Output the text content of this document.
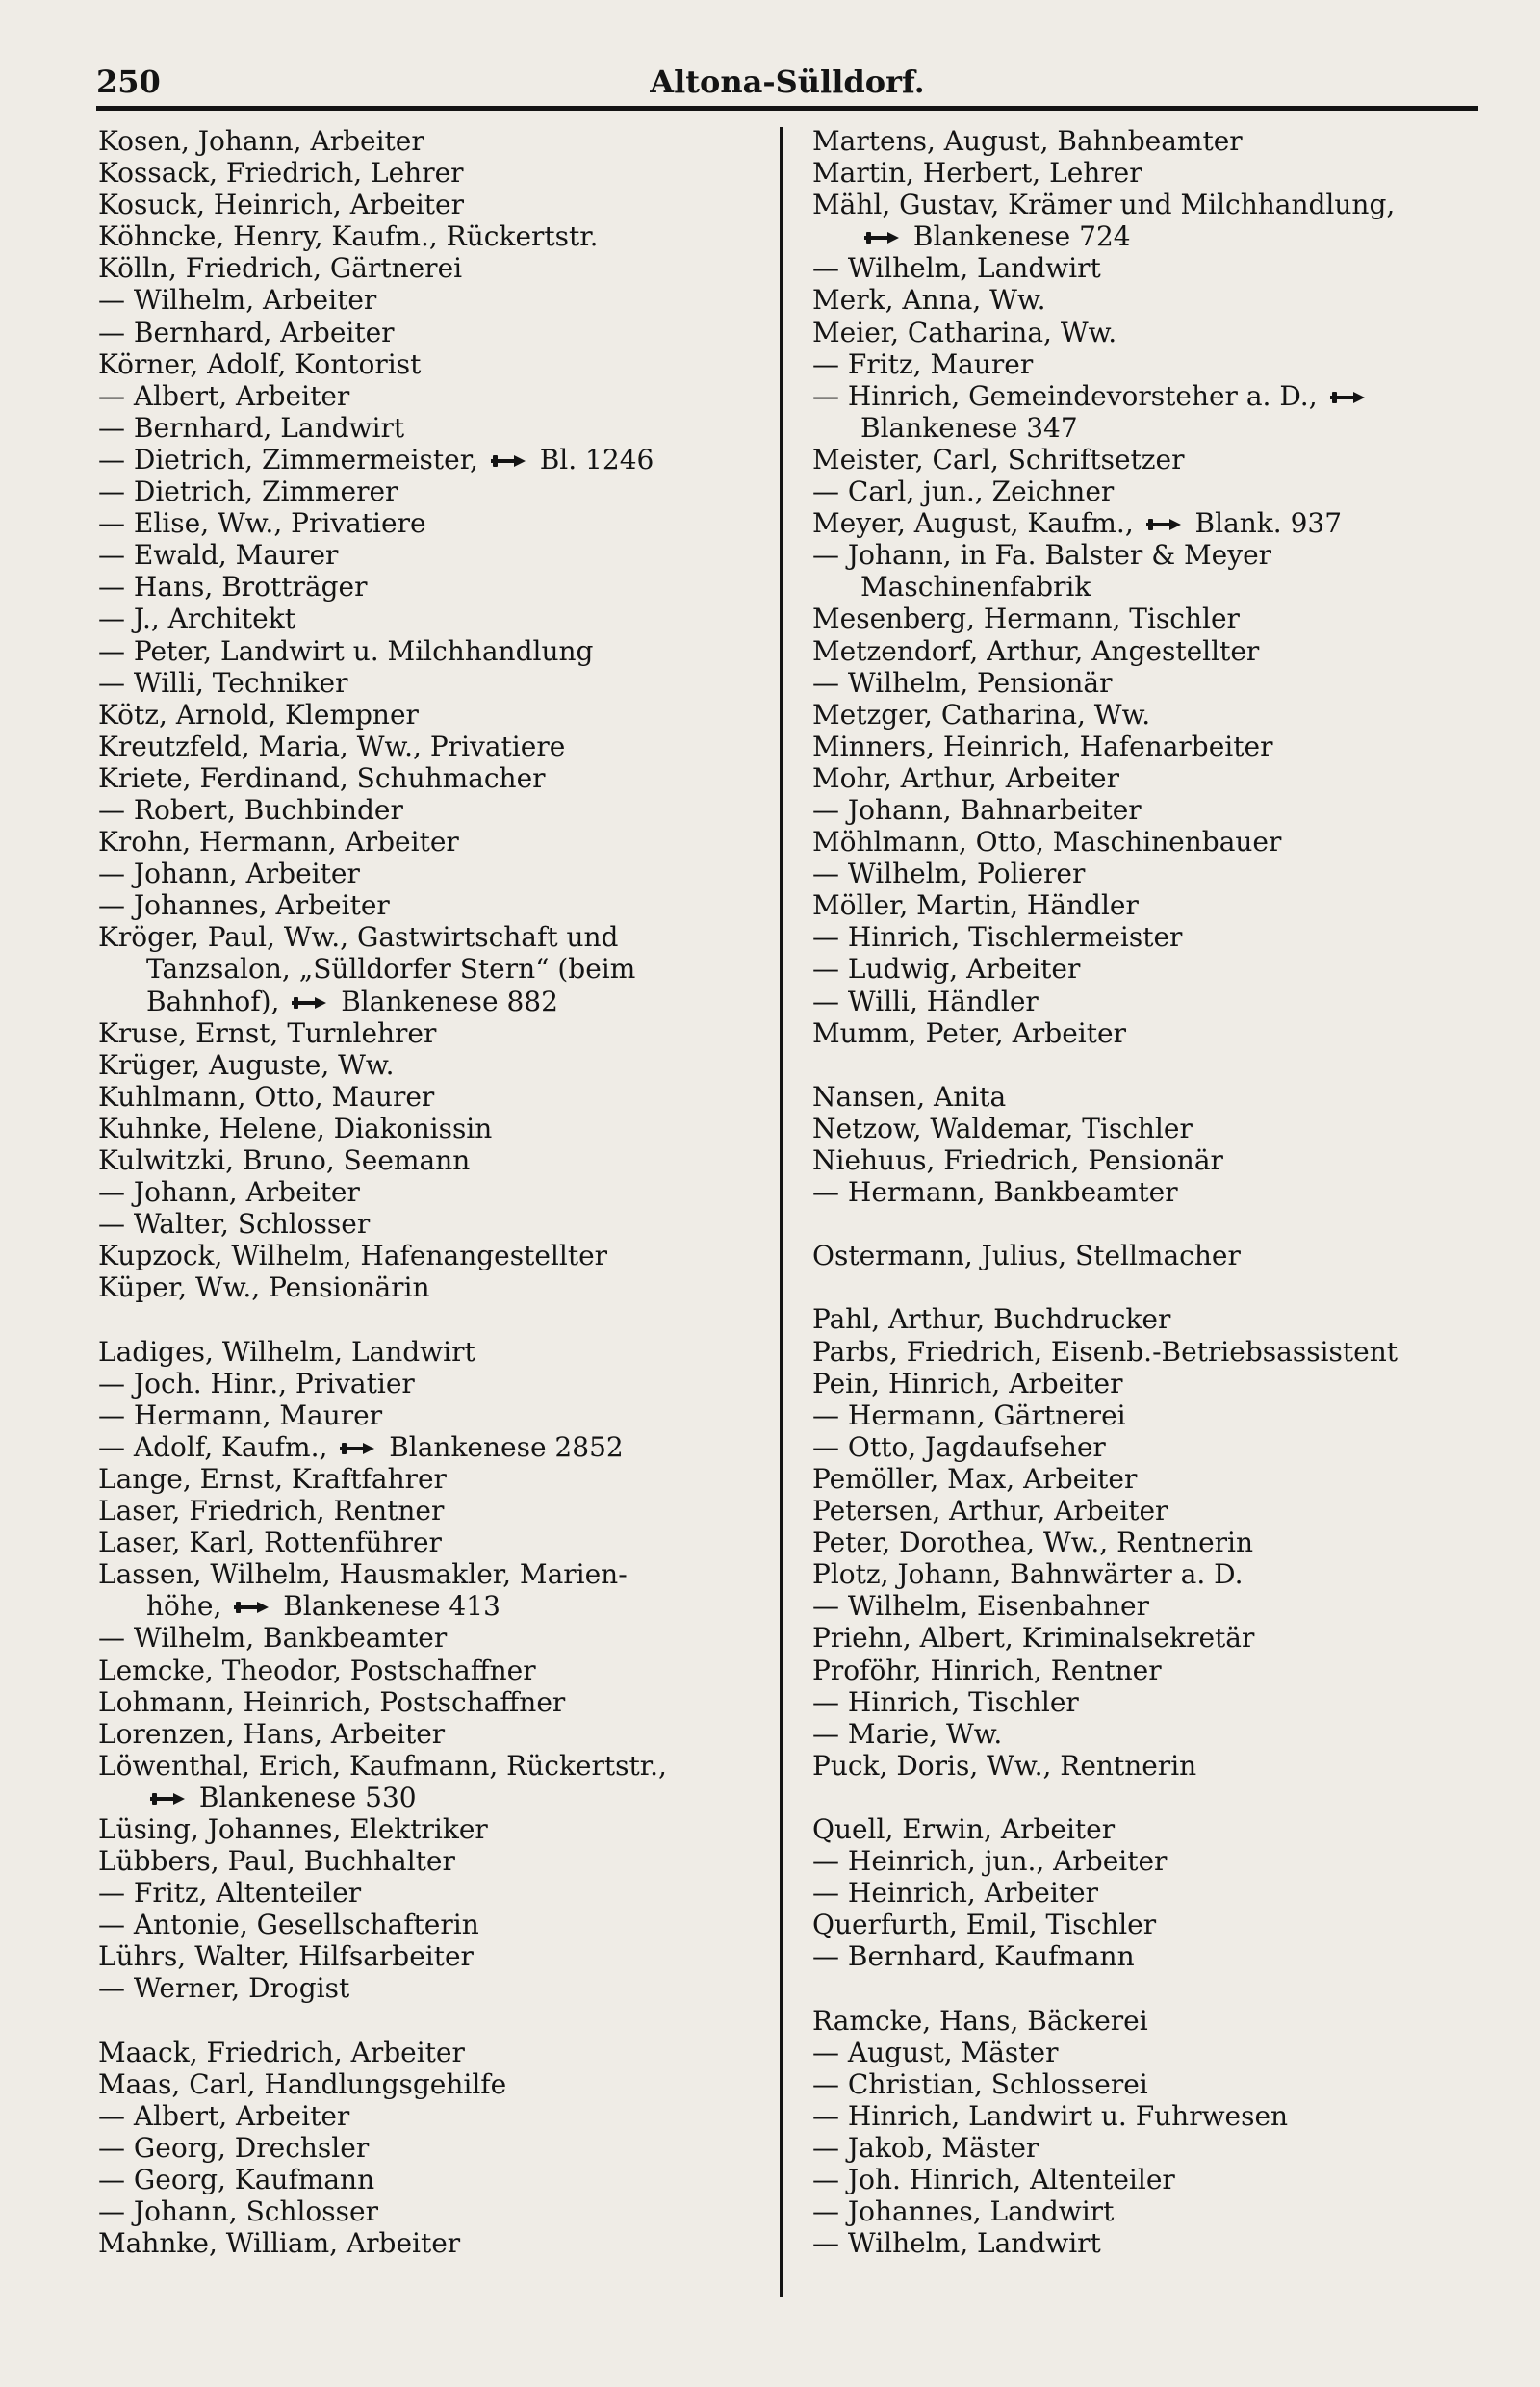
250	Altona-Sülldorf.
Kosen, Johann, Arbeiter
Kossack, Friedrich, Lehrer
Kosuck, Heinrich, Arbeiter
Köhncke, Henry, Kaufm., Rückertstr.
Kölln, Friedrich, Gärtnerei
— Wilhelm, Arbeiter
— Bernhard, Arbeiter
Körner, Adolf, Kontorist
— Albert, Arbeiter
— Bernhard, Landwirt
— Dietrich, Zimmermeister,
Bl. 1246
— Dietrich, Zimmerer
— Elise, Ww., Privatiere
— Ewald, Maurer
— Hans, Brotträger
— J., Architekt
— Peter, Landwirt u. Milchhandlung
— Willi, Techniker
Kötz, Arnold, Klempner
Kreutzfeld, Maria, Ww., Privatiere
Kriete, Ferdinand, Schuhmacher
— Robert, Buchbinder
Krohn, Hermann, Arbeiter
— Johann, Arbeiter
— Johannes, Arbeiter
Kröger, Paul, Ww., Gastwirtschaft und
Tanzsalon, „Sülldorfer Stern“ (beim
Bahnhof),
Blankenese 882
Kruse, Ernst, Turnlehrer
Krüger, Auguste, Ww.
Kuhlmann, Otto, Maurer
Kuhnke, Helene, Diakonissin
Kulwitzki, Bruno, Seemann
— Johann, Arbeiter
— Walter, Schlosser
Kupzock, Wilhelm, Hafenangestellter
Küper, Ww., Pensionärin
Ladiges, Wilhelm, Landwirt
— Joch. Hinr., Privatier
— Hermann, Maurer
— Adolf, Kaufm.,
Blankenese 2852
Lange, Ernst, Kraftfahrer
Laser, Friedrich, Rentner
Laser, Karl, Rottenführer
Lassen, Wilhelm, Hausmakler, Marien-
höhe,
Blankenese 413
— Wilhelm, Bankbeamter
Lemcke, Theodor, Postschaffner
Lohmann, Heinrich, Postschaffner
Lorenzen, Hans, Arbeiter
Löwenthal, Erich, Kaufmann, Rückertstr.,
Blankenese 530
Lüsing, Johannes, Elektriker
Lübbers, Paul, Buchhalter
— Fritz, Altenteiler
— Antonie, Gesellschafterin
Lührs, Walter, Hilfsarbeiter
— Werner, Drogist
Maack, Friedrich, Arbeiter
Maas, Carl, Handlungsgehilfe
— Albert, Arbeiter
— Georg, Drechsler
— Georg, Kaufmann
— Johann, Schlosser
Mahnke, William, Arbeiter
Martens, August, Bahnbeamter
Martin, Herbert, Lehrer
Mähl, Gustav, Krämer und Milchhandlung,
Blankenese 724
— Wilhelm, Landwirt
Merk, Anna, Ww.
Meier, Catharina, Ww.
— Fritz, Maurer
— Hinrich, Gemeindevorsteher a. D.,
Blankenese 347
Meister, Carl, Schriftsetzer
— Carl, jun., Zeichner
Meyer, August, Kaufm.,
Blank. 937
— Johann, in Fa. Balster & Meyer
Maschinenfabrik
Mesenberg, Hermann, Tischler
Metzendorf, Arthur, Angestellter
— Wilhelm, Pensionär
Metzger, Catharina, Ww.
Minners, Heinrich, Hafenarbeiter
Mohr, Arthur, Arbeiter
— Johann, Bahnarbeiter
Möhlmann, Otto, Maschinenbauer
— Wilhelm, Polierer
Möller, Martin, Händler
— Hinrich, Tischlermeister
— Ludwig, Arbeiter
— Willi, Händler
Mumm, Peter, Arbeiter
Nansen, Anita
Netzow, Waldemar, Tischler
Niehuus, Friedrich, Pensionär
— Hermann, Bankbeamter
Ostermann, Julius, Stellmacher
Pahl, Arthur, Buchdrucker
Parbs, Friedrich, Eisenb.-Betriebsassistent
Pein, Hinrich, Arbeiter
— Hermann, Gärtnerei
— Otto, Jagdaufseher
Pemöller, Max, Arbeiter
Petersen, Arthur, Arbeiter
Peter, Dorothea, Ww., Rentnerin
Plotz, Johann, Bahnwärter a. D.
— Wilhelm, Eisenbahner
Priehn, Albert, Kriminalsekretär
Proföhr, Hinrich, Rentner
— Hinrich, Tischler
— Marie, Ww.
Puck, Doris, Ww., Rentnerin
Quell, Erwin, Arbeiter
— Heinrich, jun., Arbeiter
— Heinrich, Arbeiter
Querfurth, Emil, Tischler
— Bernhard, Kaufmann
Ramcke, Hans, Bäckerei
— August, Mäster
— Christian, Schlosserei
— Hinrich, Landwirt u. Fuhrwesen
— Jakob, Mäster
— Joh. Hinrich, Altenteiler
— Johannes, Landwirt
— Wilhelm, Landwirt
